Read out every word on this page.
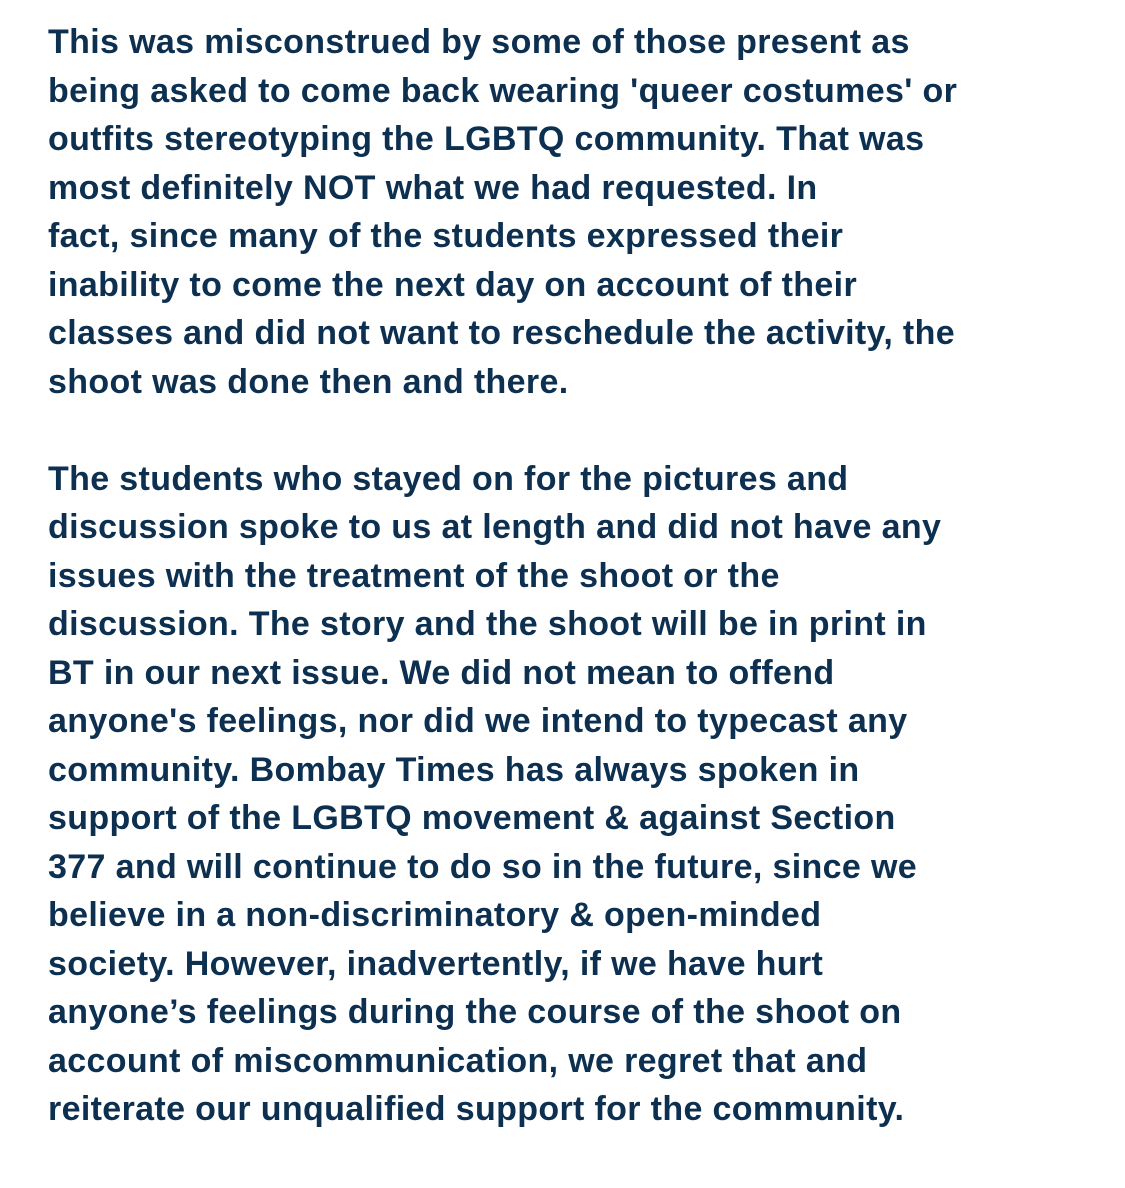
This was misconstrued by some of those present as
being asked to come back wearing 'queer costumes' or
outfits stereotyping the LGBTQ community. That was
most definitely NOT what we had requested. In
fact, since many of the students expressed their
inability to come the next day on account of their
classes and did not want to reschedule the activity, the
shoot was done then and there.

The students who stayed on for the pictures and
discussion spoke to us at length and did not have any
issues with the treatment of the shoot or the
discussion. The story and the shoot will be in print in
BT in our next issue. We did not mean to offend
anyone's feelings, nor did we intend to typecast any
community. Bombay Times has always spoken in
support of the LGBTQ movement & against Section
377 and will continue to do so in the future, since we
believe in a non-discriminatory & open-minded
society. However, inadvertently, if we have hurt
anyone’s feelings during the course of the shoot on
account of miscommunication, we regret that and
reiterate our unqualified support for the community.
